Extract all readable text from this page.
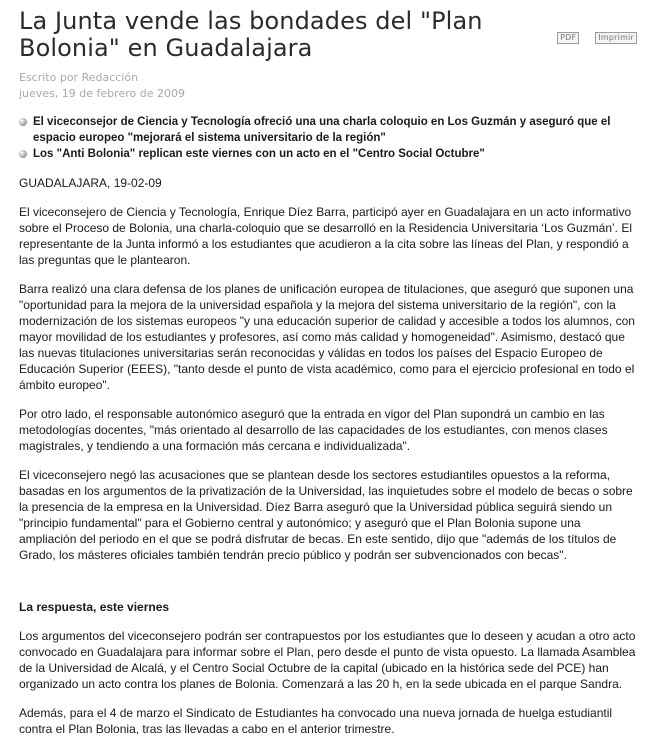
La Junta vende las bondades del "Plan Bolonia" en Guadalajara	PDF	Imprimir
Escrito por Redacción
jueves, 19 de febrero de 2009
El viceconsejor de Ciencia y Tecnología ofreció una una charla coloquio en Los Guzmán y aseguró que el espacio europeo "mejorará el sistema universitario de la región"
Los "Anti Bolonia" replican este viernes con un acto en el "Centro Social Octubre"

GUADALAJARA, 19-02-09

El viceconsejero de Ciencia y Tecnología, Enrique Díez Barra, participó ayer en Guadalajara en un acto informativo sobre el Proceso de Bolonia, una charla-coloquio que se desarrolló en la Residencia Universitaria ‘Los Guzmán’. El representante de la Junta informó a los estudiantes que acudieron a la cita sobre las líneas del Plan, y respondió a las preguntas que le plantearon.

Barra realizó una clara defensa de los planes de unificación europea de titulaciones, que aseguró que suponen una "oportunidad para la mejora de la universidad española y la mejora del sistema universitario de la región", con la modernización de los sistemas europeos "y una educación superior de calidad y accesible a todos los alumnos, con mayor movilidad de los estudiantes y profesores, así como más calidad y homogeneidad". Asimismo, destacó que las nuevas titulaciones universitarias serán reconocidas y válidas en todos los países del Espacio Europeo de Educación Superior (EEES), "tanto desde el punto de vista académico, como para el ejercicio profesional en todo el ámbito europeo".

Por otro lado, el responsable autonómico aseguró que la entrada en vigor del Plan supondrá un cambio en las metodologías docentes, "más orientado al desarrollo de las capacidades de los estudiantes, con menos clases magistrales, y tendiendo a una formación más cercana e individualizada".

El viceconsejero negó las acusaciones que se plantean desde los sectores estudiantiles opuestos a la reforma, basadas en los argumentos de la privatización de la Universidad, las inquietudes sobre el modelo de becas o sobre la presencia de la empresa en la Universidad. Díez Barra aseguró que la Universidad pública seguirá siendo un "principio fundamental" para el Gobierno central y autonómico; y aseguró que el Plan Bolonia supone una ampliación del periodo en el que se podrá disfrutar de becas. En este sentido, dijo que "además de los títulos de Grado, los másteres oficiales también tendrán precio público y podrán ser subvencionados con becas".

La respuesta, este viernes

Los argumentos del viceconsejero podrán ser contrapuestos por los estudiantes que lo deseen y acudan a otro acto convocado en Guadalajara para informar sobre el Plan, pero desde el punto de vista opuesto. La llamada Asamblea de la Universidad de Alcalá, y el Centro Social Octubre de la capital (ubicado en la histórica sede del PCE) han organizado un acto contra los planes de Bolonia. Comenzará a las 20 h, en la sede ubicada en el parque Sandra.

Además, para el 4 de marzo el Sindicato de Estudiantes ha convocado una nueva jornada de huelga estudiantil contra el Plan Bolonia, tras las llevadas a cabo en el anterior trimestre.
